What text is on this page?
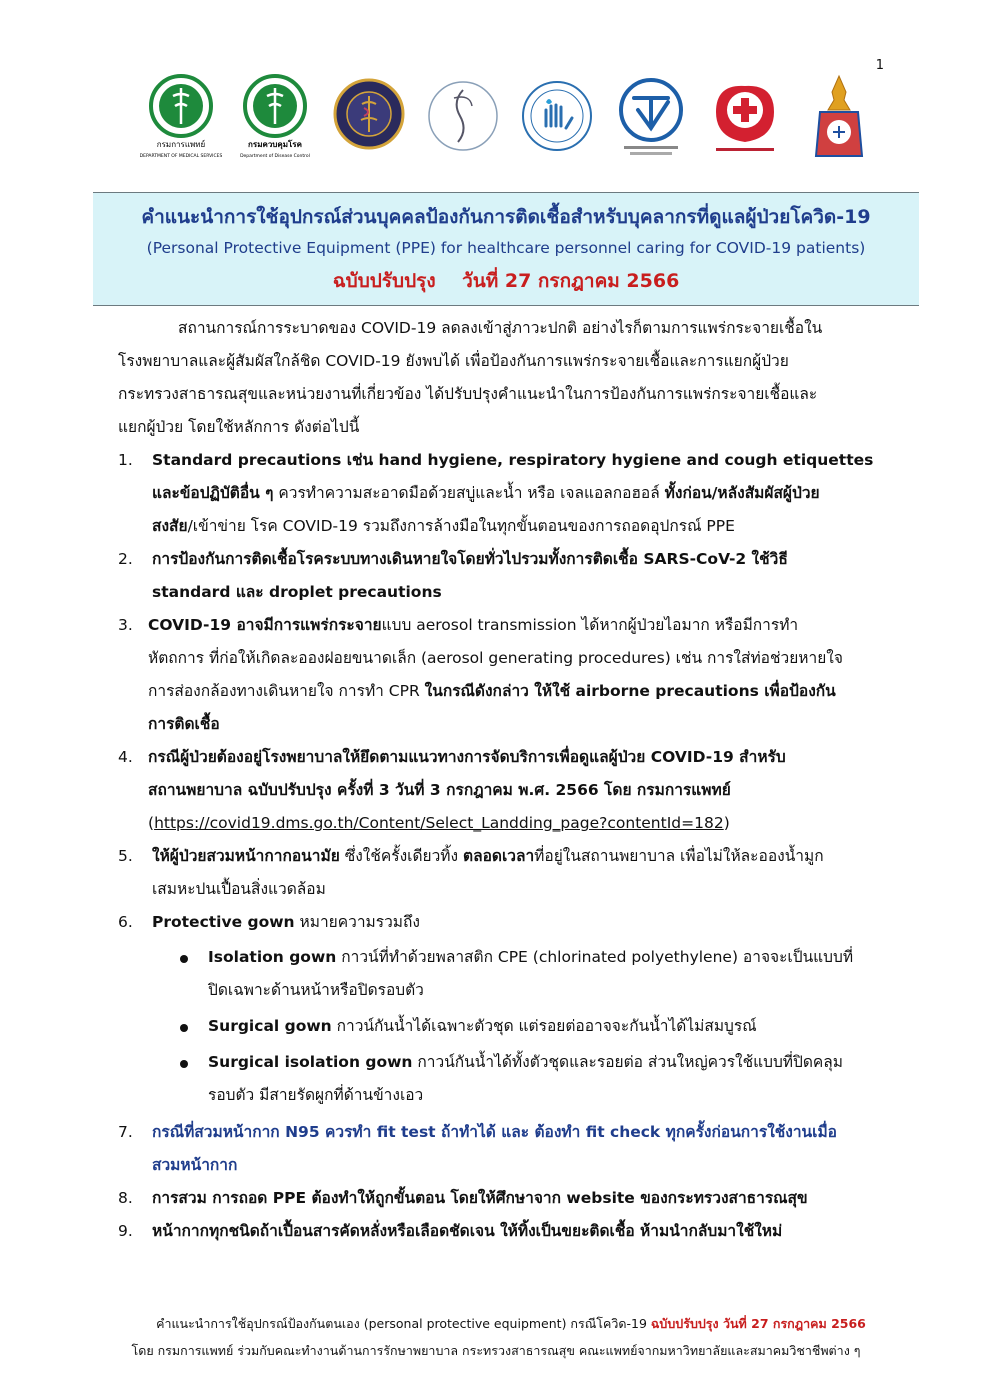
1
กรมการแพทย์
DEPARTMENT OF MEDICAL SERVICES
กรมควบคุมโรค
Department of Disease Control
คำแนะนำการใช้อุปกรณ์ส่วนบุคคลป้องกันการติดเชื้อสำหรับบุคลากรที่ดูแลผู้ป่วยโควิด-19
(Personal Protective Equipment (PPE) for healthcare personnel caring for COVID-19 patients)
ฉบับปรับปรุง    วันที่ 27 กรกฎาคม 2566
สถานการณ์การระบาดของ COVID-19 ลดลงเข้าสู่ภาวะปกติ อย่างไรก็ตามการแพร่กระจายเชื้อใน
โรงพยาบาลและผู้สัมผัสใกล้ชิด COVID-19 ยังพบได้ เพื่อป้องกันการแพร่กระจายเชื้อและการแยกผู้ป่วย
กระทรวงสาธารณสุขและหน่วยงานที่เกี่ยวข้อง ได้ปรับปรุงคำแนะนำในการป้องกันการแพร่กระจายเชื้อและ
แยกผู้ป่วย โดยใช้หลักการ ดังต่อไปนี้
1. Standard precautions เช่น hand hygiene, respiratory hygiene and cough etiquettes
และข้อปฏิบัติอื่น ๆ ควรทำความสะอาดมือด้วยสบู่และน้ำ หรือ เจลแอลกอฮอล์ ทั้งก่อน/หลังสัมผัสผู้ป่วย
สงสัย/เข้าข่าย โรค COVID-19 รวมถึงการล้างมือในทุกขั้นตอนของการถอดอุปกรณ์ PPE
2. การป้องกันการติดเชื้อโรคระบบทางเดินหายใจโดยทั่วไปรวมทั้งการติดเชื้อ SARS-CoV-2 ใช้วิธี
standard และ droplet precautions
3. COVID-19 อาจมีการแพร่กระจายแบบ aerosol transmission ได้หากผู้ป่วยไอมาก หรือมีการทำ
หัตถการ ที่ก่อให้เกิดละอองฝอยขนาดเล็ก (aerosol generating procedures) เช่น การใส่ท่อช่วยหายใจ
การส่องกล้องทางเดินหายใจ การทำ CPR ในกรณีดังกล่าว ให้ใช้ airborne precautions เพื่อป้องกัน
การติดเชื้อ
4. กรณีผู้ป่วยต้องอยู่โรงพยาบาลให้ยึดตามแนวทางการจัดบริการเพื่อดูแลผู้ป่วย COVID-19 สำหรับ
สถานพยาบาล ฉบับปรับปรุง ครั้งที่ 3 วันที่ 3 กรกฎาคม พ.ศ. 2566 โดย กรมการแพทย์
(https://covid19.dms.go.th/Content/Select_Landding_page?contentId=182)
5. ให้ผู้ป่วยสวมหน้ากากอนามัย ซึ่งใช้ครั้งเดียวทิ้ง ตลอดเวลาที่อยู่ในสถานพยาบาล เพื่อไม่ให้ละอองน้ำมูก
เสมหะปนเปื้อนสิ่งแวดล้อม
6. Protective gown หมายความรวมถึง
Isolation gown กาวน์ที่ทำด้วยพลาสติก CPE (chlorinated polyethylene) อาจจะเป็นแบบที่
ปิดเฉพาะด้านหน้าหรือปิดรอบตัว
Surgical gown กาวน์กันน้ำได้เฉพาะตัวชุด แต่รอยต่ออาจจะกันน้ำได้ไม่สมบูรณ์
Surgical isolation gown กาวน์กันน้ำได้ทั้งตัวชุดและรอยต่อ ส่วนใหญ่ควรใช้แบบที่ปิดคลุม
รอบตัว มีสายรัดผูกที่ด้านข้างเอว
7. กรณีที่สวมหน้ากาก N95 ควรทำ fit test ถ้าทำได้ และ ต้องทำ fit check ทุกครั้งก่อนการใช้งานเมื่อ
สวมหน้ากาก
8. การสวม การถอด PPE ต้องทำให้ถูกขั้นตอน โดยให้ศึกษาจาก website ของกระทรวงสาธารณสุข
9. หน้ากากทุกชนิดถ้าเปื้อนสารคัดหลั่งหรือเลือดชัดเจน ให้ทิ้งเป็นขยะติดเชื้อ ห้ามนำกลับมาใช้ใหม่
คำแนะนำการใช้อุปกรณ์ป้องกันตนเอง (personal protective equipment) กรณีโควิด-19 ฉบับปรับปรุง วันที่ 27 กรกฎาคม 2566
โดย กรมการแพทย์ ร่วมกับคณะทำงานด้านการรักษาพยาบาล กระทรวงสาธารณสุข คณะแพทย์จากมหาวิทยาลัยและสมาคมวิชาชีพต่าง ๆ
